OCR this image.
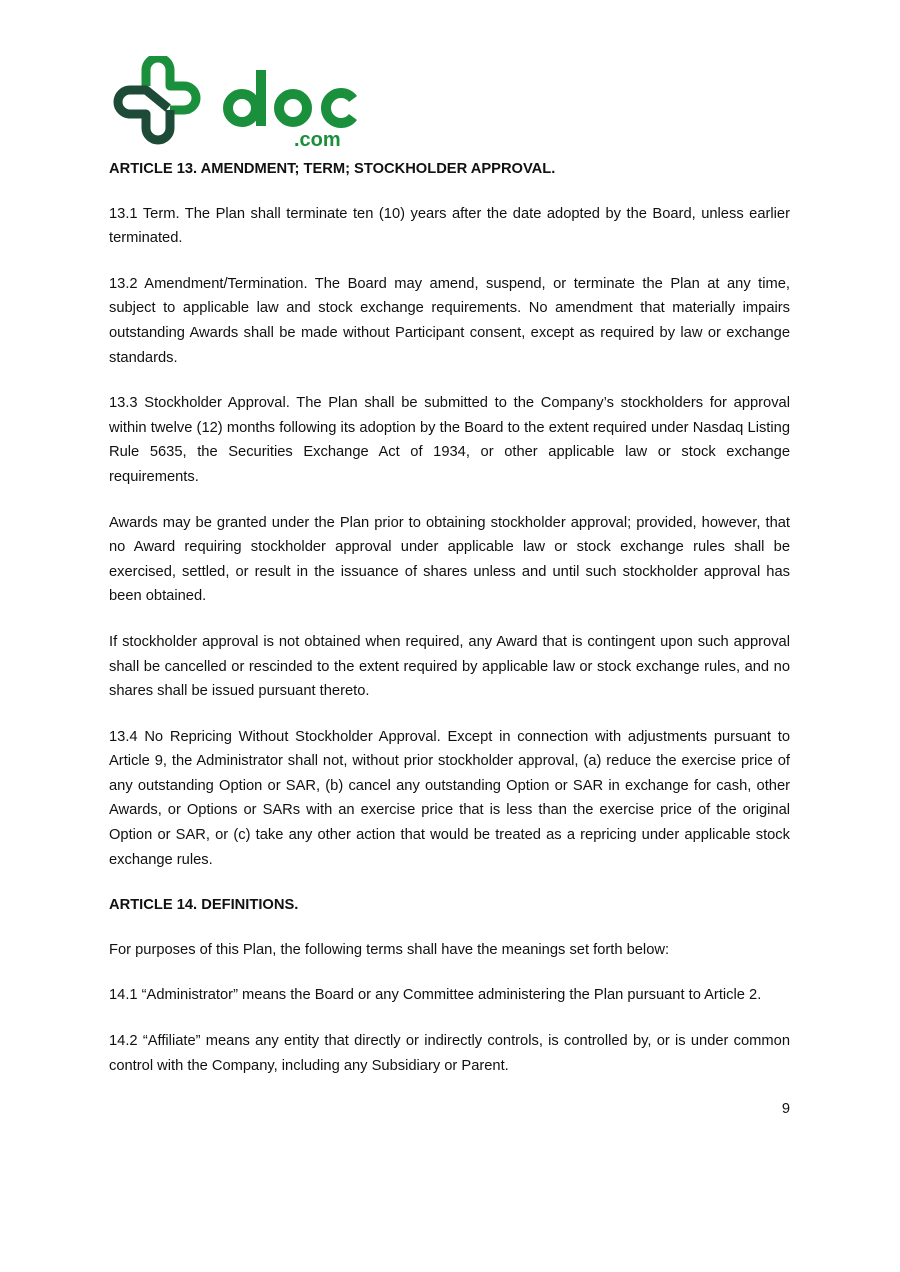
.com
ARTICLE 13. AMENDMENT; TERM; STOCKHOLDER APPROVAL.

13.1 Term. The Plan shall terminate ten (10) years after the date adopted by the Board, unless earlier terminated.

13.2 Amendment/Termination. The Board may amend, suspend, or terminate the Plan at any time, subject to applicable law and stock exchange requirements. No amendment that materially impairs outstanding Awards shall be made without Participant consent, except as required by law or exchange standards.

13.3 Stockholder Approval. The Plan shall be submitted to the Company’s stockholders for approval within twelve (12) months following its adoption by the Board to the extent required under Nasdaq Listing Rule 5635, the Securities Exchange Act of 1934, or other applicable law or stock exchange requirements.

Awards may be granted under the Plan prior to obtaining stockholder approval; provided, however, that no Award requiring stockholder approval under applicable law or stock exchange rules shall be exercised, settled, or result in the issuance of shares unless and until such stockholder approval has been obtained.

If stockholder approval is not obtained when required, any Award that is contingent upon such approval shall be cancelled or rescinded to the extent required by applicable law or stock exchange rules, and no shares shall be issued pursuant thereto.

13.4 No Repricing Without Stockholder Approval. Except in connection with adjustments pursuant to Article 9, the Administrator shall not, without prior stockholder approval, (a) reduce the exercise price of any outstanding Option or SAR, (b) cancel any outstanding Option or SAR in exchange for cash, other Awards, or Options or SARs with an exercise price that is less than the exercise price of the original Option or SAR, or (c) take any other action that would be treated as a repricing under applicable stock exchange rules.

ARTICLE 14. DEFINITIONS.

For purposes of this Plan, the following terms shall have the meanings set forth below:

14.1 “Administrator” means the Board or any Committee administering the Plan pursuant to Article 2.

14.2 “Affiliate” means any entity that directly or indirectly controls, is controlled by, or is under common control with the Company, including any Subsidiary or Parent.

9
